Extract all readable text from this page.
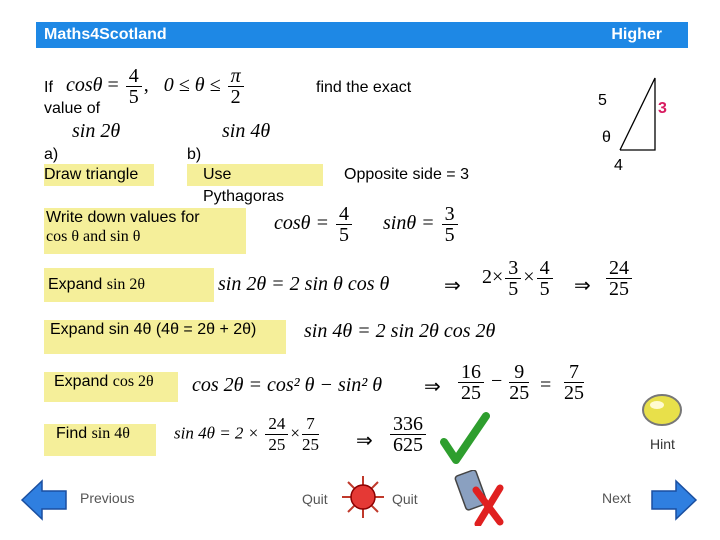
Maths4Scotland	Higher
If $\cos\theta = \frac{4}{5}$ ,   $0 \le \theta \le \frac{\pi}{2}$	find the exact
value of
sin 2θ	sin 4θ
a)	b)
5	3
θ
4
Draw triangle	Use Pythagoras
Opposite side = 3
Write down values for
cos θ and sin θ
$\cos\theta = \frac{4}{5}$ $\sin\theta = \frac{3}{5}$
Expand sin 2θ	sin 2θ = 2 sin θ cos θ	⇒ $2\times \frac{3}{5} \times \frac{4}{5}$ ⇒ $\frac{24}{25}$
Expand sin 4θ (4θ = 2θ + 2θ)	sin 4θ = 2 sin 2θ cos 2θ
Expand cos 2θ	cos 2θ = cos² θ − sin² θ ⇒ $\frac{16}{25} - \frac{9}{25} = \frac{7}{25}$
Find sin 4θ	$\sin 4\theta = 2 \times \frac{24}{25} \times \frac{7}{25}$ ⇒ $\frac{336}{625}$	Hint
Previous	Quit	Quit	Next
